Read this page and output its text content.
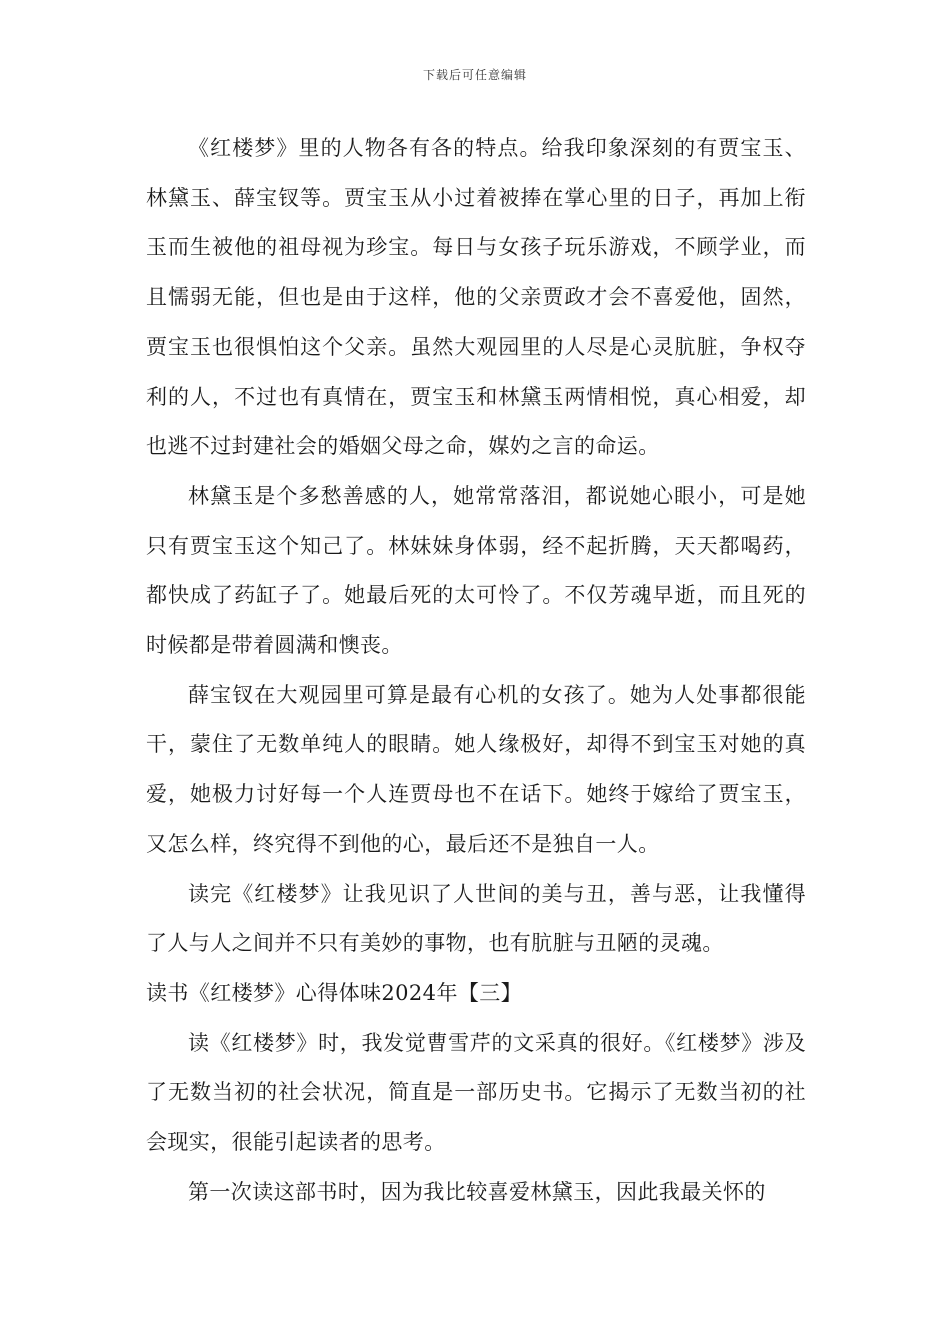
下载后可任意编辑

《红楼梦》里的人物各有各的特点。给我印象深刻的有贾宝玉、林黛玉、薛宝钗等。贾宝玉从小过着被捧在掌心里的日子，再加上衔玉而生被他的祖母视为珍宝。每日与女孩子玩乐游戏，不顾学业，而且懦弱无能，但也是由于这样，他的父亲贾政才会不喜爱他，固然，贾宝玉也很惧怕这个父亲。虽然大观园里的人尽是心灵肮脏，争权夺利的人，不过也有真情在，贾宝玉和林黛玉两情相悦，真心相爱，却也逃不过封建社会的婚姻父母之命，媒妁之言的命运。

林黛玉是个多愁善感的人，她常常落泪，都说她心眼小，可是她只有贾宝玉这个知己了。林妹妹身体弱，经不起折腾，天天都喝药，都快成了药缸子了。她最后死的太可怜了。不仅芳魂早逝，而且死的时候都是带着圆满和懊丧。

薛宝钗在大观园里可算是最有心机的女孩了。她为人处事都很能干，蒙住了无数单纯人的眼睛。她人缘极好，却得不到宝玉对她的真爱，她极力讨好每一个人连贾母也不在话下。她终于嫁给了贾宝玉，又怎么样，终究得不到他的心，最后还不是独自一人。

读完《红楼梦》让我见识了人世间的美与丑，善与恶，让我懂得了人与人之间并不只有美妙的事物，也有肮脏与丑陋的灵魂。

读书《红楼梦》心得体味2024年【三】

读《红楼梦》时，我发觉曹雪芹的文采真的很好。《红楼梦》涉及了无数当初的社会状况，简直是一部历史书。它揭示了无数当初的社会现实，很能引起读者的思考。

第一次读这部书时，因为我比较喜爱林黛玉，因此我最关怀的
